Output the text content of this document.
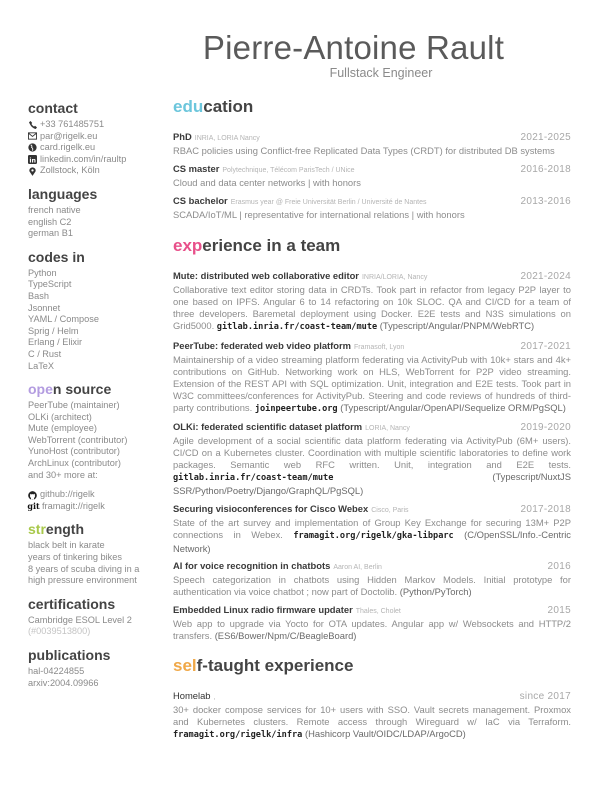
Pierre-Antoine Rault
Fullstack Engineer
contact
+33 761485751
par@rigelk.eu
card.rigelk.eu
in linkedin.com/in/raultp
Zollstock, Köln
languages
french native
english C2
german B1
codes in
Python
TypeScript
Bash
Jsonnet
YAML / Compose
Sprig / Helm
Erlang / Elixir
C / Rust
LaTeX
open source
PeerTube (maintainer)
OLKi (architect)
Mute (employee)
WebTorrent (contributor)
YunoHost (contributor)
ArchLinux (contributor)
and 30+ more at:
github://rigelk
git framagit://rigelk
strength
black belt in karate
years of tinkering bikes
8 years of scuba diving in a
high pressure environment
certifications
Cambridge ESOL Level 2
(#0039513800)
publications
hal-04224855
arxiv:2004.09966
education
PhD INRIA, LORIA Nancy	2021-2025
RBAC policies using Conflict-free Replicated Data Types (CRDT) for distributed DB systems
CS master Polytechnique, Télécom ParisTech / UNice	2016-2018
Cloud and data center networks | with honors
CS bachelor Erasmus year @ Freie Universität Berlin / Université de Nantes	2013-2016
SCADA/IoT/ML | representative for international relations | with honors
experience in a team
Mute: distributed web collaborative editor INRIA/LORIA, Nancy	2021-2024
Collaborative text editor storing data in CRDTs. Took part in refactor from legacy P2P layer to one based on IPFS. Angular 6 to 14 refactoring on 10k SLOC. QA and CI/CD for a team of three developers. Baremetal deployment using Docker. E2E tests and N3S simulations on Grid5000. gitlab.inria.fr/coast-team/mute (Typescript/Angular/PNPM/WebRTC)
PeerTube: federated web video platform Framasoft, Lyon	2017-2021
Maintainership of a video streaming platform federating via ActivityPub with 10k+ stars and 4k+ contributions on GitHub. Networking work on HLS, WebTorrent for P2P video streaming. Extension of the REST API with SQL optimization. Unit, integration and E2E tests. Took part in W3C committees/conferences for ActivityPub. Steering and code reviews of hundreds of third-party contributions. joinpeertube.org (Typescript/Angular/OpenAPI/Sequelize ORM/PgSQL)
OLKi: federated scientific dataset platform LORIA, Nancy	2019-2020
Agile development of a social scientific data platform federating via ActivityPub (6M+ users). CI/CD on a Kubernetes cluster. Coordination with multiple scientific laboratories to define work packages. Semantic web RFC written. Unit, integration and E2E tests. gitlab.inria.fr/coast-team/mute (Typescript/NuxtJS SSR/Python/Poetry/Django/GraphQL/PgSQL)
Securing visioconferences for Cisco Webex Cisco, Paris	2017-2018
State of the art survey and implementation of Group Key Exchange for securing 13M+ P2P connections in Webex. framagit.org/rigelk/gka-libparc (C/OpenSSL/Info.-Centric Network)
AI for voice recognition in chatbots Aaron AI, Berlin	2016
Speech categorization in chatbots using Hidden Markov Models. Initial prototype for authentication via voice chatbot ; now part of Doctolib. (Python/PyTorch)
Embedded Linux radio firmware updater Thales, Cholet	2015
Web app to upgrade via Yocto for OTA updates. Angular app w/ Websockets and HTTP/2 transfers. (ES6/Bower/Npm/C/BeagleBoard)
self-taught experience
Homelab ,	since 2017
30+ docker compose services for 10+ users with SSO. Vault secrets management. Proxmox and Kubernetes clusters. Remote access through Wireguard w/ IaC via Terraform. framagit.org/rigelk/infra (Hashicorp Vault/OIDC/LDAP/ArgoCD)
